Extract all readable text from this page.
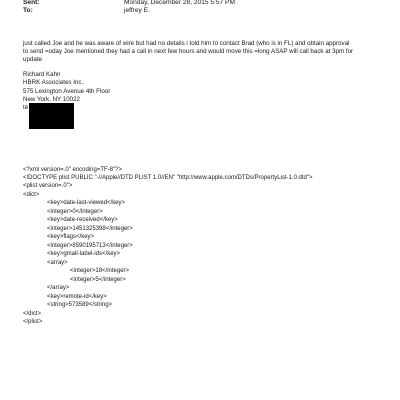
Sent:	Monday, December 28, 2015 5:57 PM
To:	jeffrey E.
just called Joe and he was aware of wire but had no details i told him to contact Brad (who is in FL) and obtain approval
to send =oday Joe mentioned they had a call in next few hours and would move this =long ASAP will call back at 3pm for
update
Richard Kahn
HBRK Associates Inc.
575 Lexington Avenue 4th Floor
New York, NY 10022
te
<?xml version=.0" encoding=TF-8"?>
<!DOCTYPE plist PUBLIC "-//Apple//DTD PLIST 1.0//EN" "http://www.apple.com/DTDs/PropertyList-1.0.dtd">
<plist version=.0">
<dict>
<key>date-last-viewed</key>
<integer>0</integer>
<key>date-received</key>
<integer>1451325398</integer>
<key>flags</key>
<integer>8590195713</integer>
<key>gmail-label-ids</key>
<array>
<integer>18</integer>
<integer>5</integer>
</array>
<key>remote-id</key>
<string>573589</string>
</dict>
</plist>
